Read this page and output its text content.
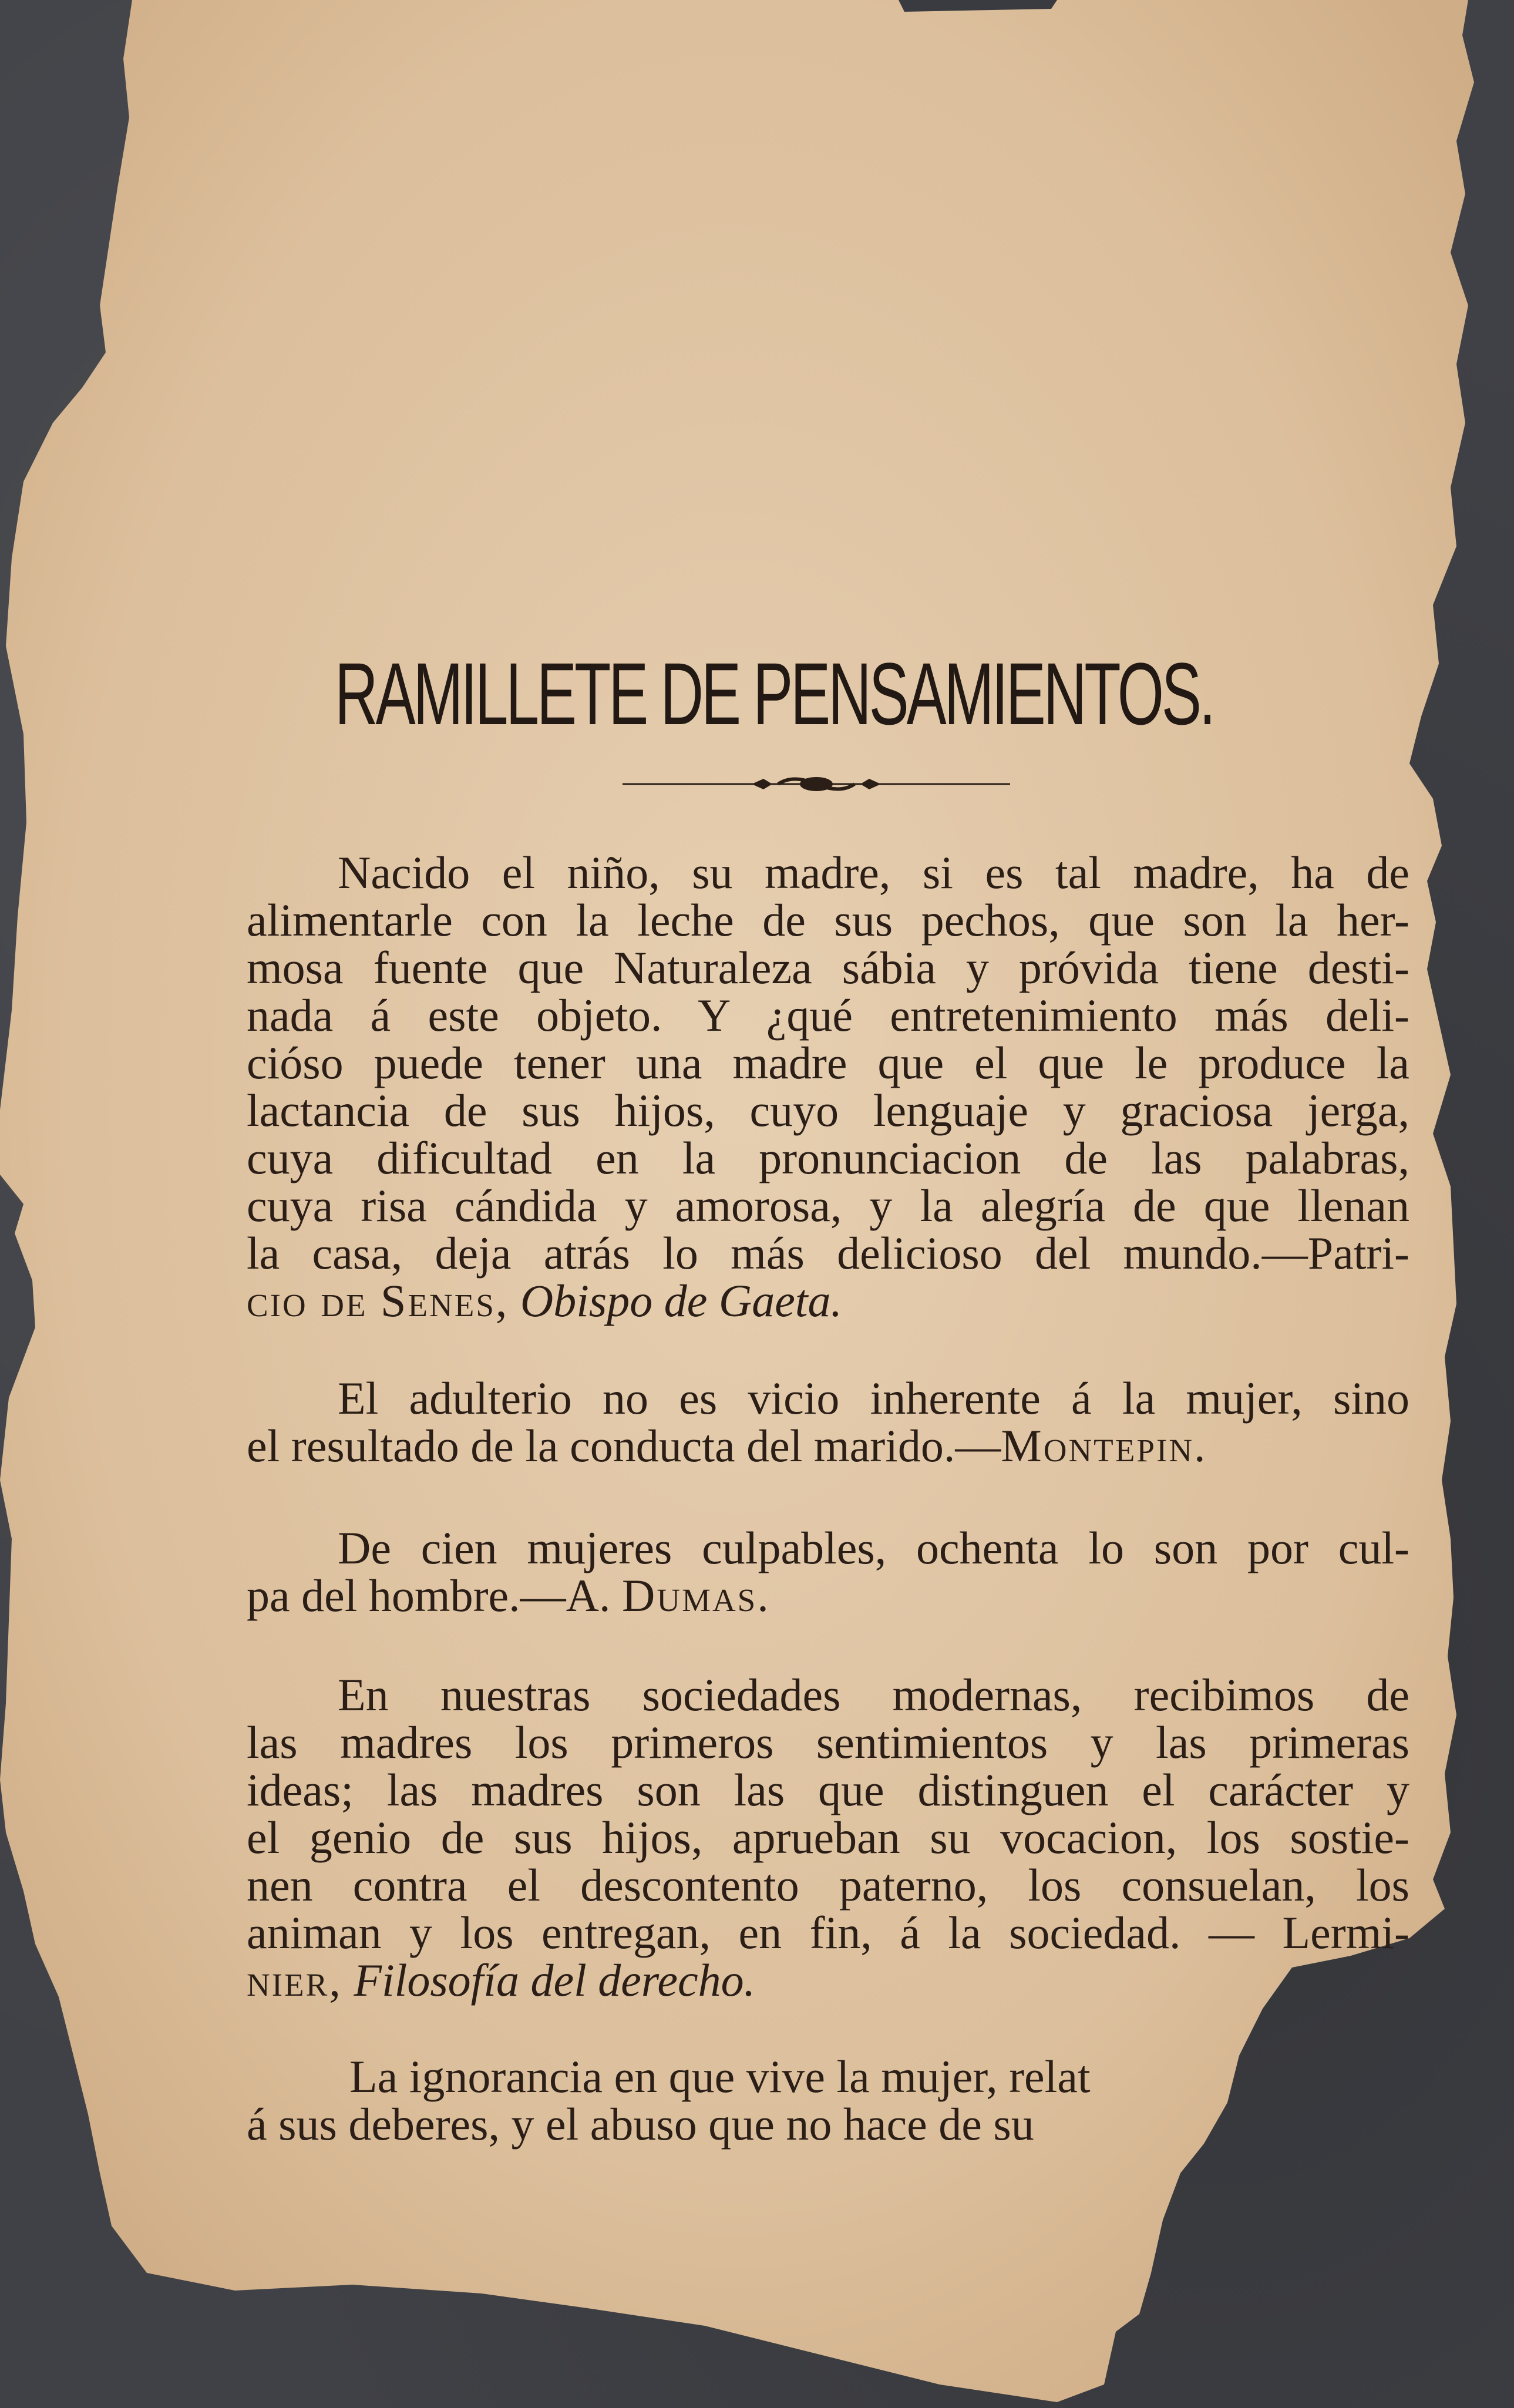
RAMILLETE DE PENSAMIENTOS.
Nacido el niño, su madre, si es tal madre, ha de
alimentarle con la leche de sus pechos, que son la her-
mosa fuente que Naturaleza sábia y próvida tiene desti-
nada á este objeto. Y ¿qué entretenimiento más deli-
cióso puede tener una madre que el que le produce la
lactancia de sus hijos, cuyo lenguaje y graciosa jerga,
cuya dificultad en la pronunciacion de las palabras,
cuya risa cándida y amorosa, y la alegría de que llenan
la casa, deja atrás lo más delicioso del mundo.—Patri-
cio de Senes, Obispo de Gaeta.
El adulterio no es vicio inherente á la mujer, sino
el resultado de la conducta del marido.—Montepin.
De cien mujeres culpables, ochenta lo son por cul-
pa del hombre.—A. Dumas.
En nuestras sociedades modernas, recibimos de
las madres los primeros sentimientos y las primeras
ideas; las madres son las que distinguen el carácter y
el genio de sus hijos, aprueban su vocacion, los sostie-
nen contra el descontento paterno, los consuelan, los
animan y los entregan, en fin, á la sociedad. — Lermi-
nier, Filosofía del derecho.
La ignorancia en que vive la mujer, relat
á sus deberes, y el abuso que no hace de su
